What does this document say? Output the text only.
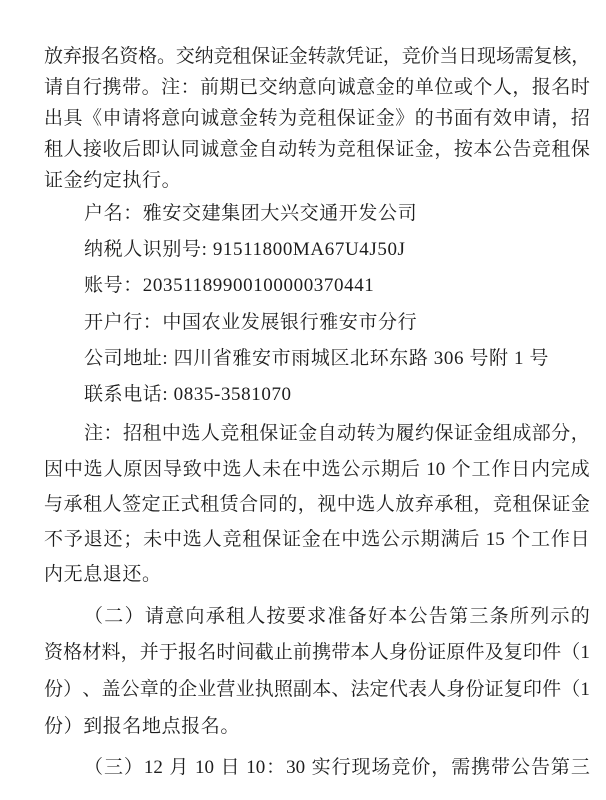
放 弃 报 名 资 格 。 交 纳 竞 租 保 证 金 转 款 凭 证 ， 竞 价 当 日 现 场 需 复 核 ，
请 自 行 携 带 。 注 ： 前 期 已 交 纳 意 向 诚 意 金 的 单 位 或 个 人 ， 报 名 时
出 具 《 申 请 将 意 向 诚 意 金 转 为 竞 租 保 证 金 》 的 书 面 有 效 申 请 ， 招
租 人 接 收 后 即 认 同 诚 意 金 自 动 转 为 竞 租 保 证 金 ， 按 本 公 告 竞 租 保
证金约定执行。
户名：雅安交建集团大兴交通开发公司
纳税人识别号: 91511800MA67U4J50J
账号：20351189900100000370441
开户行：中国农业发展银行雅安市分行
公司地址: 四川省雅安市雨城区北环东路 306 号附 1 号
联系电话: 0835-3581070
注 ： 招 租 中 选 人 竞 租 保 证 金 自 动 转 为 履 约 保 证 金 组 成 部 分 ，
因 中 选 人 原 因 导 致 中 选 人 未 在 中 选 公 示 期 后
10
个 工 作 日 内 完 成
与 承 租 人 签 定 正 式 租 赁 合 同 的 ， 视 中 选 人 放 弃 承 租 ， 竞 租 保 证 金
不 予 退 还 ； 未 中 选 人 竞 租 保 证 金 在 中 选 公 示 期 满 后
15
个 工 作 日
内无息退还。
（ 二 ） 请 意 向 承 租 人 按 要 求 准 备 好 本 公 告 第 三 条 所 列 示 的
资 格 材 料 ， 并 于 报 名 时 间 截 止 前 携 带 本 人 身 份 证 原 件 及 复 印 件 （ 1
份 ） 、 盖 公 章 的 企 业 营 业 执 照 副 本 、 法 定 代 表 人 身 份 证 复 印 件 （ 1
份）到报名地点报名。
（ 三 ） 12
月
10
日
10 ： 30
实 行 现 场 竞 价 ， 需 携 带 公 告 第 三
